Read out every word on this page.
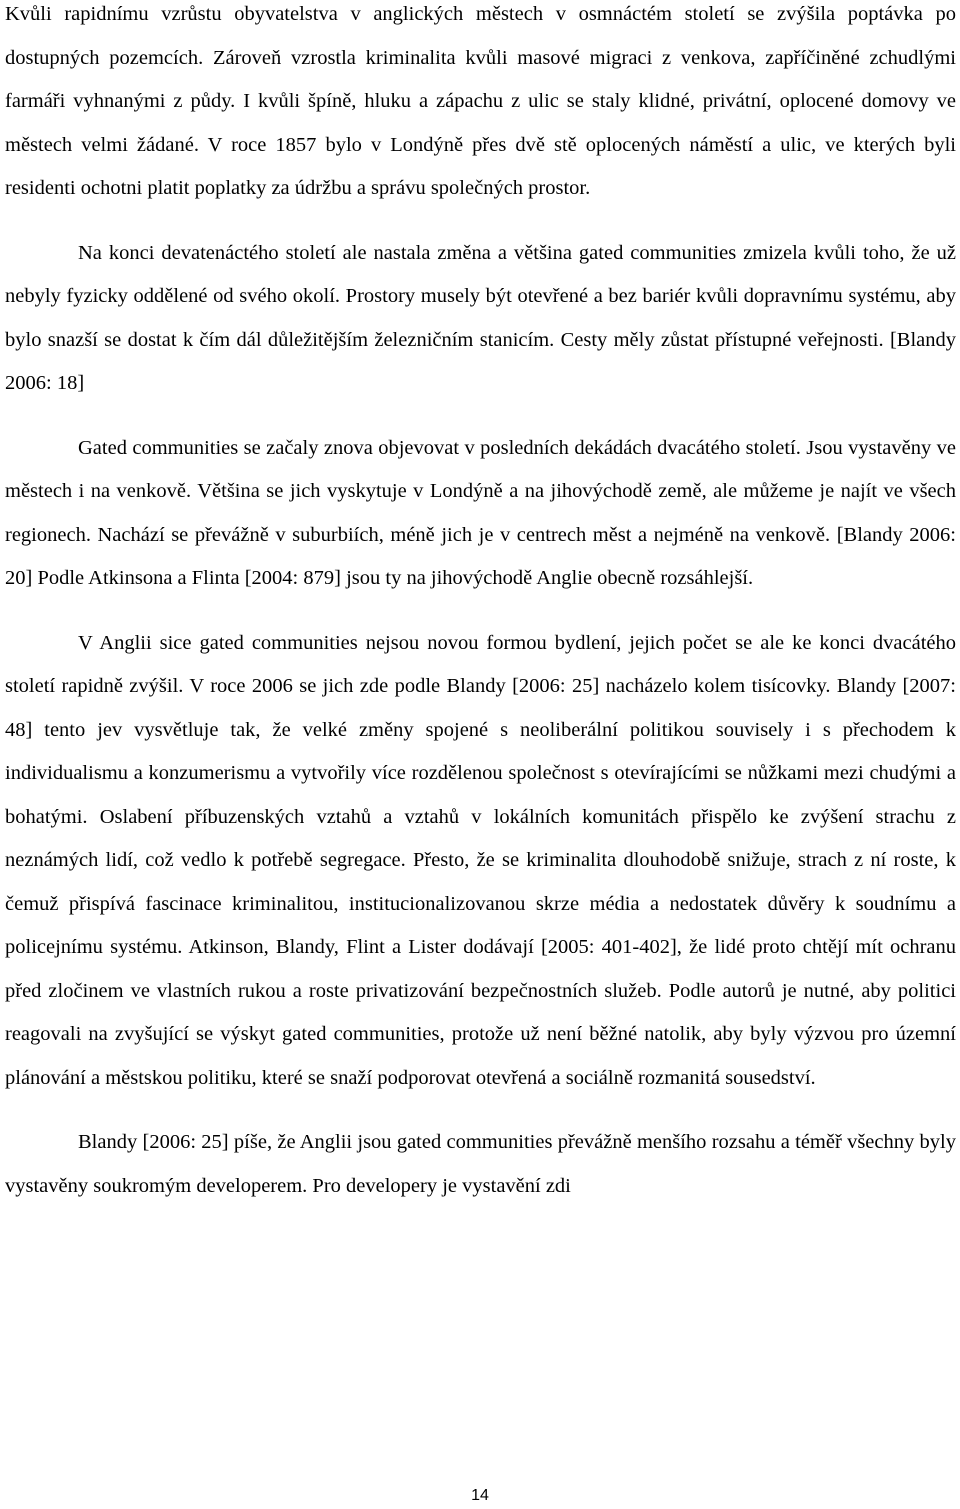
Kvůli rapidnímu vzrůstu obyvatelstva v anglických městech v osmnáctém století se zvýšila poptávka po dostupných pozemcích. Zároveň vzrostla kriminalita kvůli masové migraci z venkova, zapříčiněné zchudlými farmáři vyhnanými z půdy. I kvůli špíně, hluku a zápachu z ulic se staly klidné, privátní, oplocené domovy ve městech velmi žádané. V roce 1857 bylo v Londýně přes dvě stě oplocených náměstí a ulic, ve kterých byli residenti ochotni platit poplatky za údržbu a správu společných prostor.

Na konci devatenáctého století ale nastala změna a většina gated communities zmizela kvůli toho, že už nebyly fyzicky oddělené od svého okolí. Prostory musely být otevřené a bez bariér kvůli dopravnímu systému, aby bylo snazší se dostat k čím dál důležitějším železničním stanicím. Cesty měly zůstat přístupné veřejnosti. [Blandy 2006: 18]

Gated communities se začaly znova objevovat v posledních dekádách dvacátého století. Jsou vystavěny ve městech i na venkově. Většina se jich vyskytuje v Londýně a na jihovýchodě země, ale můžeme je najít ve všech regionech. Nachází se převážně v suburbiích, méně jich je v centrech měst a nejméně na venkově. [Blandy 2006: 20] Podle Atkinsona a Flinta [2004: 879] jsou ty na jihovýchodě Anglie obecně rozsáhlejší.

V Anglii sice gated communities nejsou novou formou bydlení, jejich počet se ale ke konci dvacátého století rapidně zvýšil. V roce 2006 se jich zde podle Blandy [2006: 25] nacházelo kolem tisícovky. Blandy [2007: 48] tento jev vysvětluje tak, že velké změny spojené s neoliberální politikou souvisely i s přechodem k individualismu a konzumerismu a vytvořily více rozdělenou společnost s otevírajícími se nůžkami mezi chudými a bohatými. Oslabení příbuzenských vztahů a vztahů v lokálních komunitách přispělo ke zvýšení strachu z neznámých lidí, což vedlo k potřebě segregace. Přesto, že se kriminalita dlouhodobě snižuje, strach z ní roste, k čemuž přispívá fascinace kriminalitou, institucionalizovanou skrze média a nedostatek důvěry k soudnímu a policejnímu systému. Atkinson, Blandy, Flint a Lister dodávají [2005: 401-402], že lidé proto chtějí mít ochranu před zločinem ve vlastních rukou a roste privatizování bezpečnostních služeb. Podle autorů je nutné, aby politici reagovali na zvyšující se výskyt gated communities, protože už není běžné natolik, aby byly výzvou pro územní plánování a městskou politiku, které se snaží podporovat otevřená a sociálně rozmanitá sousedství.

Blandy [2006: 25] píše, že Anglii jsou gated communities převážně menšího rozsahu a téměř všechny byly vystavěny soukromým developerem. Pro developery je vystavění zdi

14
